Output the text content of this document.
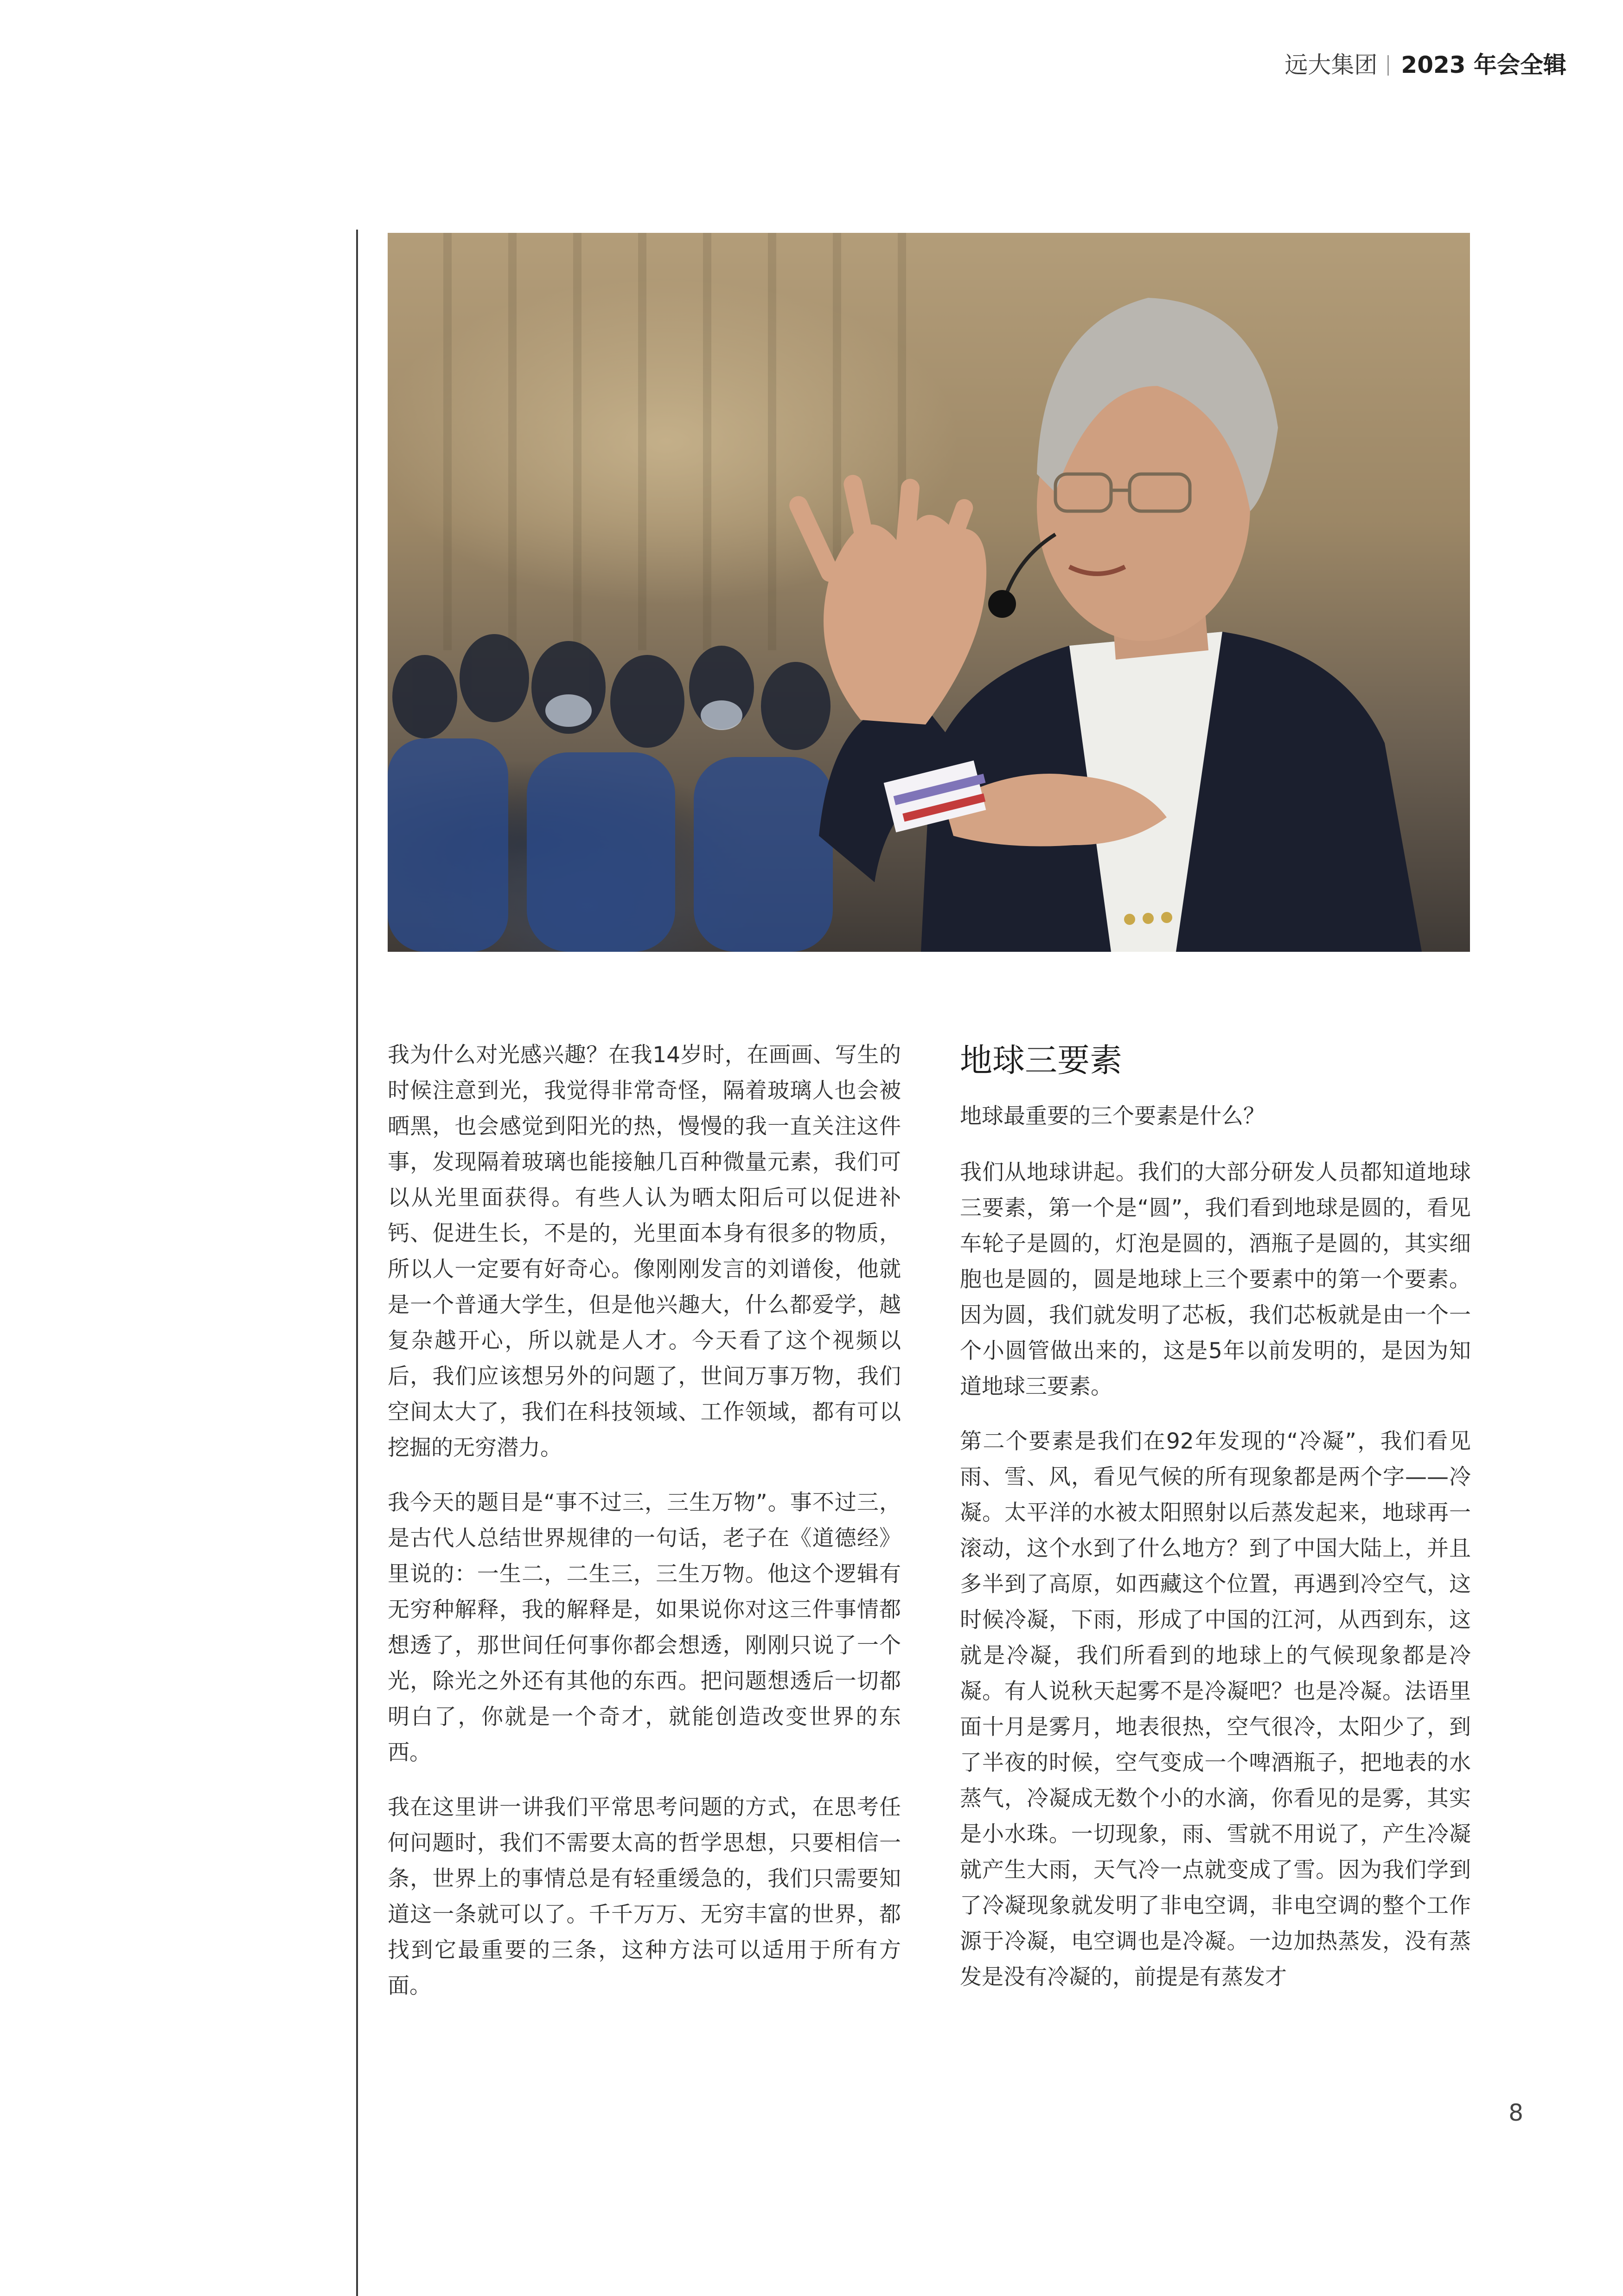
远大集团 2023 年会全辑

我为什么对光感兴趣？在我14岁时，在画画、写生的时候注意到光，我觉得非常奇怪，隔着玻璃人也会被晒黑，也会感觉到阳光的热，慢慢的我一直关注这件事，发现隔着玻璃也能接触几百种微量元素，我们可以从光里面获得。有些人认为晒太阳后可以促进补钙、促进生长，不是的，光里面本身有很多的物质，所以人一定要有好奇心。像刚刚发言的刘谱俊，他就是一个普通大学生，但是他兴趣大，什么都爱学，越复杂越开心，所以就是人才。今天看了这个视频以后，我们应该想另外的问题了，世间万事万物，我们空间太大了，我们在科技领域、工作领域，都有可以挖掘的无穷潜力。

我今天的题目是“事不过三，三生万物”。事不过三，是古代人总结世界规律的一句话，老子在《道德经》里说的：一生二，二生三，三生万物。他这个逻辑有无穷种解释，我的解释是，如果说你对这三件事情都想透了，那世间任何事你都会想透，刚刚只说了一个光，除光之外还有其他的东西。把问题想透后一切都明白了，你就是一个奇才，就能创造改变世界的东西。

我在这里讲一讲我们平常思考问题的方式，在思考任何问题时，我们不需要太高的哲学思想，只要相信一条，世界上的事情总是有轻重缓急的，我们只需要知道这一条就可以了。千千万万、无穷丰富的世界，都找到它最重要的三条，这种方法可以适用于所有方面。

地球三要素

地球最重要的三个要素是什么？

我们从地球讲起。我们的大部分研发人员都知道地球三要素，第一个是“圆”，我们看到地球是圆的，看见车轮子是圆的，灯泡是圆的，酒瓶子是圆的，其实细胞也是圆的，圆是地球上三个要素中的第一个要素。因为圆，我们就发明了芯板，我们芯板就是由一个一个小圆管做出来的，这是5年以前发明的，是因为知道地球三要素。

第二个要素是我们在92年发现的“冷凝”，我们看见雨、雪、风，看见气候的所有现象都是两个字——冷凝。太平洋的水被太阳照射以后蒸发起来，地球再一滚动，这个水到了什么地方？到了中国大陆上，并且多半到了高原，如西藏这个位置，再遇到冷空气，这时候冷凝，下雨，形成了中国的江河，从西到东，这就是冷凝，我们所看到的地球上的气候现象都是冷凝。有人说秋天起雾不是冷凝吧？也是冷凝。法语里面十月是雾月，地表很热，空气很冷，太阳少了，到了半夜的时候，空气变成一个啤酒瓶子，把地表的水蒸气，冷凝成无数个小的水滴，你看见的是雾，其实是小水珠。一切现象，雨、雪就不用说了，产生冷凝就产生大雨，天气冷一点就变成了雪。因为我们学到了冷凝现象就发明了非电空调，非电空调的整个工作源于冷凝，电空调也是冷凝。一边加热蒸发，没有蒸发是没有冷凝的，前提是有蒸发才

8
